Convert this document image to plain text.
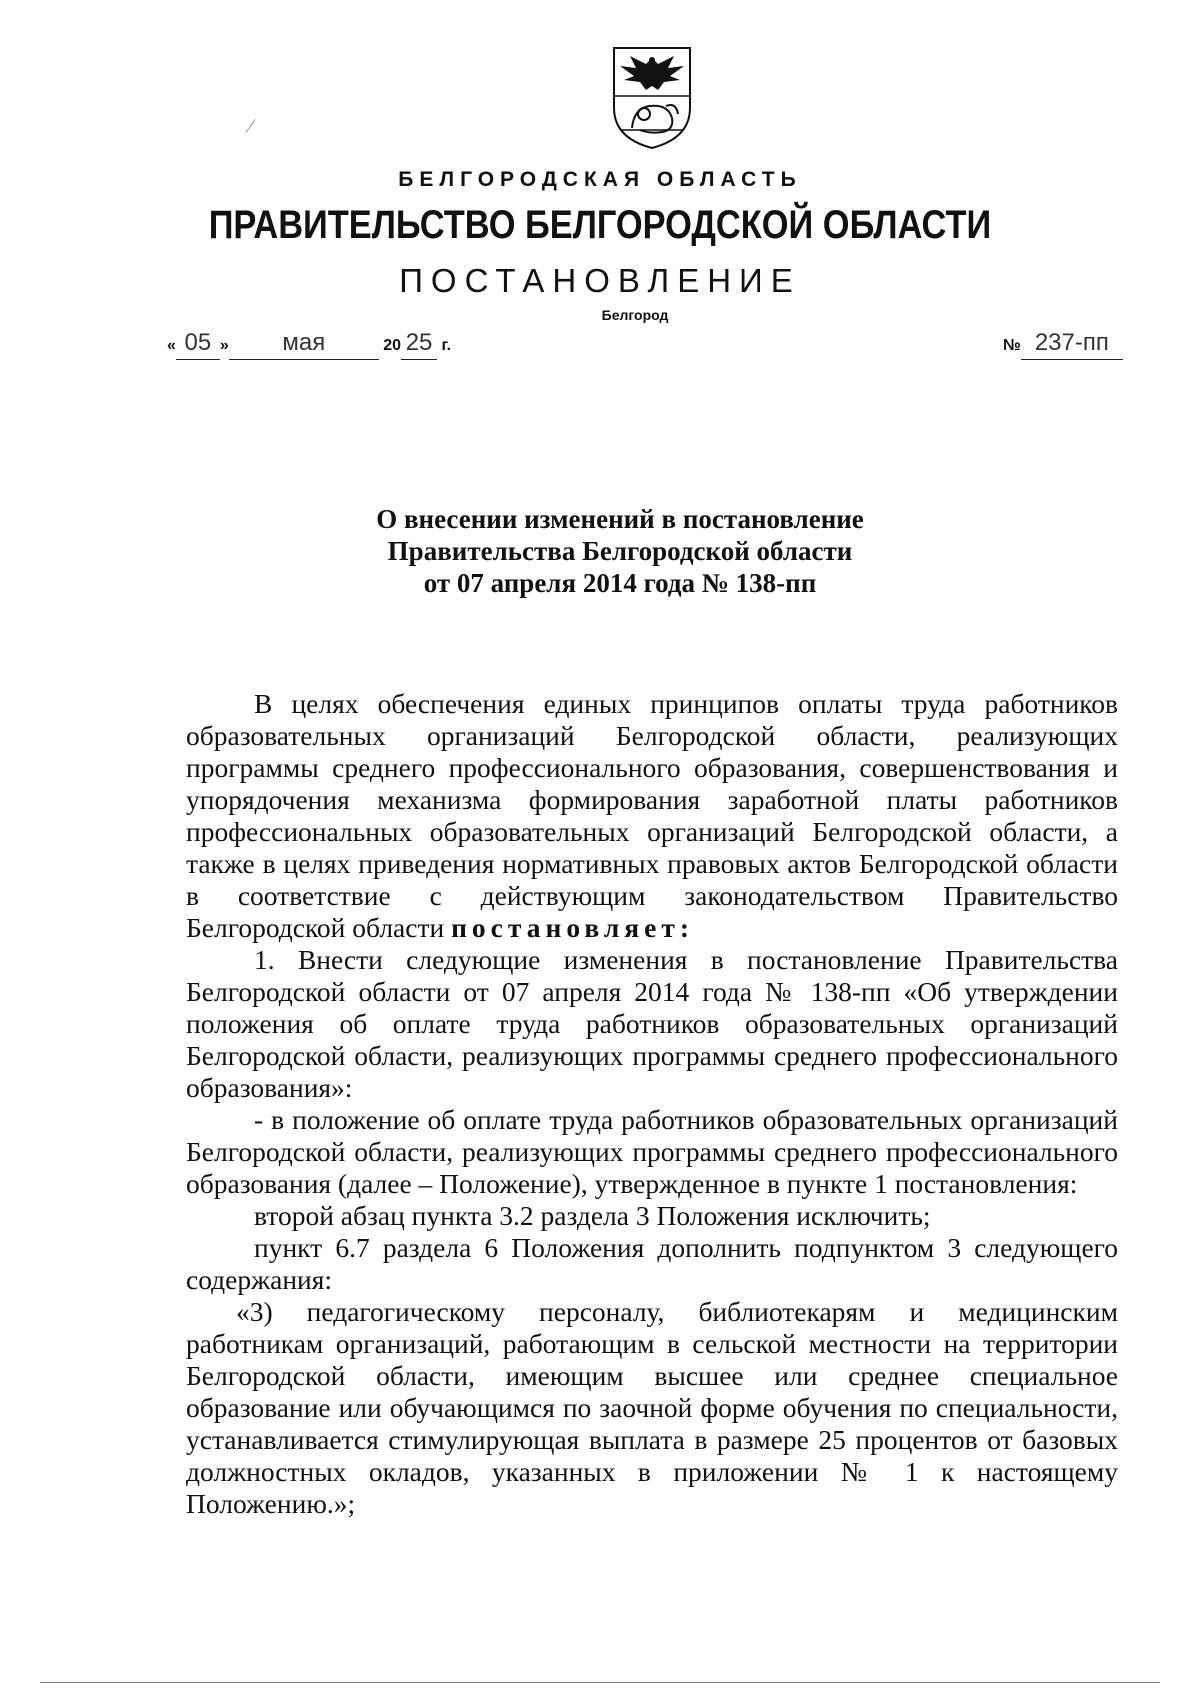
БЕЛГОРОДСКАЯ ОБЛАСТЬ
ПРАВИТЕЛЬСТВО БЕЛГОРОДСКОЙ ОБЛАСТИ
ПОСТАНОВЛЕНИЕ
Белгород
« 05 » мая	20 25 г.	№ 237-пп
О внесении изменений в постановление
Правительства Белгородской области
от 07 апреля 2014 года № 138-пп

В целях обеспечения единых принципов оплаты труда работников образовательных организаций Белгородской области, реализующих программы среднего профессионального образования, совершенствования и упорядочения механизма формирования заработной платы работников профессиональных образовательных организаций Белгородской области, а также в целях приведения нормативных правовых актов Белгородской области в соответствие с действующим законодательством Правительство Белгородской области постановляет:

1. Внести следующие изменения в постановление Правительства Белгородской области от 07 апреля 2014 года № 138-пп «Об утверждении положения об оплате труда работников образовательных организаций Белгородской области, реализующих программы среднего профессионального образования»:

- в положение об оплате труда работников образовательных организаций Белгородской области, реализующих программы среднего профессионального образования (далее – Положение), утвержденное в пункте 1 постановления:

второй абзац пункта 3.2 раздела 3 Положения исключить;

пункт 6.7 раздела 6 Положения дополнить подпунктом 3 следующего содержания:

«3) педагогическому персоналу, библиотекарям и медицинским работникам организаций, работающим в сельской местности на территории Белгородской области, имеющим высшее или среднее специальное образование или обучающимся по заочной форме обучения по специальности, устанавливается стимулирующая выплата в размере 25 процентов от базовых должностных окладов, указанных в приложении № 1 к настоящему Положению.»;
